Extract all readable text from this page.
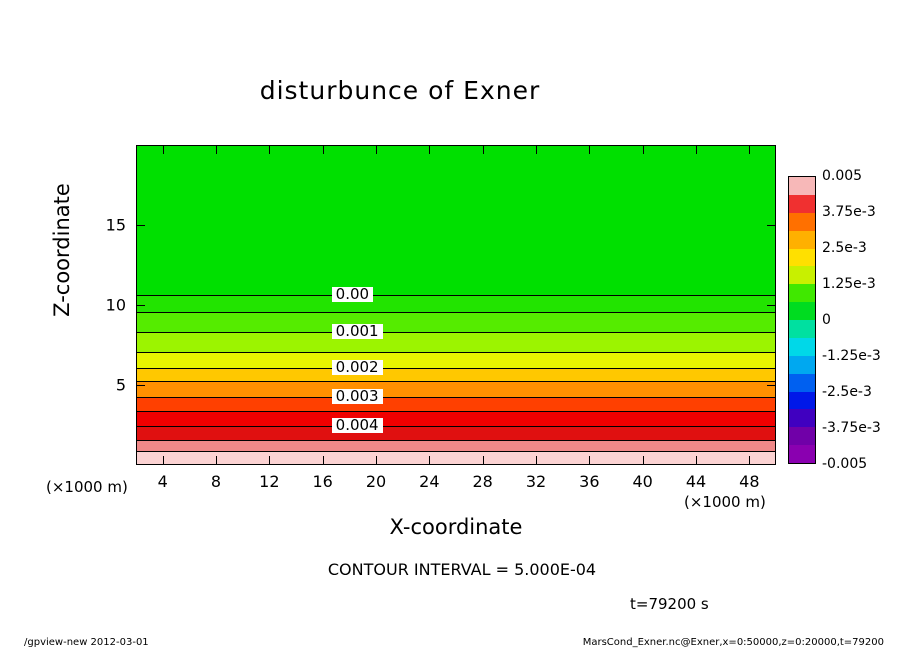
disturbunce of Exner
0.00
0.001
0.002
0.003
0.004
Z-coordinate
X-coordinate
(×1000 m)
(×1000 m)
CONTOUR INTERVAL = 5.000E-04
t=79200 s
/gpview-new 2012-03-01	MarsCond_Exner.nc@Exner,x=0:50000,z=0:20000,t=79200
4	8 12 16 20 24 28 32 36 40 44 48
5
10
15
0.005
3.75e-3
2.5e-3
1.25e-3
0
-1.25e-3
-2.5e-3
-3.75e-3
-0.005
